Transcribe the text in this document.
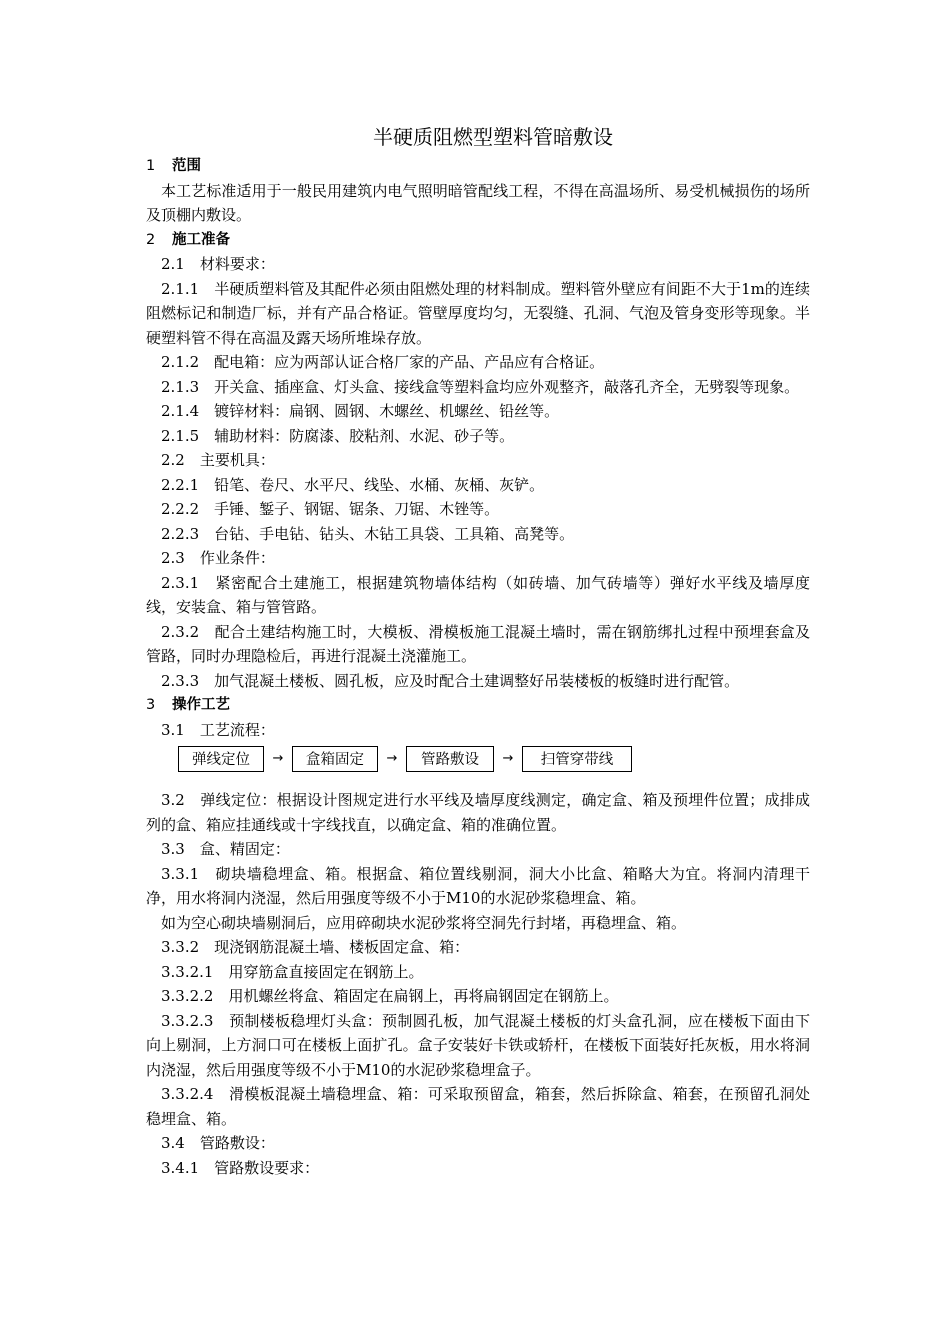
半硬质阻燃型塑料管暗敷设
1 范围
本工艺标准适用于一般民用建筑内电气照明暗管配线工程，不得在高温场所、易受机械损伤的场所及顶棚内敷设。
2 施工准备
2.1　材料要求：
2.1.1　半硬质塑料管及其配件必须由阻燃处理的材料制成。塑料管外壁应有间距不大于1m的连续阻燃标记和制造厂标，并有产品合格证。管壁厚度均匀，无裂缝、孔洞、气泡及管身变形等现象。半硬塑料管不得在高温及露天场所堆垛存放。
2.1.2　配电箱：应为两部认证合格厂家的产品、产品应有合格证。
2.1.3　开关盒、插座盒、灯头盒、接线盒等塑料盒均应外观整齐，敲落孔齐全，无劈裂等现象。
2.1.4　镀锌材料：扁钢、圆钢、木螺丝、机螺丝、铅丝等。
2.1.5　辅助材料：防腐漆、胶粘剂、水泥、砂子等。
2.2　主要机具：
2.2.1　铅笔、卷尺、水平尺、线坠、水桶、灰桶、灰铲。
2.2.2　手锤、錾子、钢锯、锯条、刀锯、木锉等。
2.2.3　台钻、手电钻、钻头、木钻工具袋、工具箱、高凳等。
2.3　作业条件：
2.3.1　紧密配合土建施工，根据建筑物墙体结构（如砖墙、加气砖墙等）弹好水平线及墙厚度线，安装盒、箱与管管路。
2.3.2　配合土建结构施工时，大模板、滑模板施工混凝土墙时，需在钢筋绑扎过程中预埋套盒及管路，同时办理隐检后，再进行混凝土浇灌施工。
2.3.3　加气混凝土楼板、圆孔板，应及时配合土建调整好吊装楼板的板缝时进行配管。
3 操作工艺
3.1　工艺流程：
弹线定位	→	盒箱固定	→	管路敷设	→	扫管穿带线
3.2　弹线定位：根据设计图规定进行水平线及墙厚度线测定，确定盒、箱及预埋件位置；成排成列的盒、箱应挂通线或十字线找直，以确定盒、箱的准确位置。
3.3　盒、精固定：
3.3.1　砌块墙稳埋盒、箱。根据盒、箱位置线剔洞，洞大小比盒、箱略大为宜。将洞内清理干净，用水将洞内浇湿，然后用强度等级不小于M10的水泥砂浆稳埋盒、箱。
如为空心砌块墙剔洞后，应用碎砌块水泥砂浆将空洞先行封堵，再稳埋盒、箱。
3.3.2　现浇钢筋混凝土墙、楼板固定盒、箱：
3.3.2.1　用穿筋盒直接固定在钢筋上。
3.3.2.2　用机螺丝将盒、箱固定在扁钢上，再将扁钢固定在钢筋上。
3.3.2.3　预制楼板稳埋灯头盒：预制圆孔板，加气混凝土楼板的灯头盒孔洞，应在楼板下面由下向上剔洞，上方洞口可在楼板上面扩孔。盒子安装好卡铁或轿杆，在楼板下面装好托灰板，用水将洞内浇湿，然后用强度等级不小于M10的水泥砂浆稳埋盒子。
3.3.2.4　滑模板混凝土墙稳埋盒、箱：可采取预留盒，箱套，然后拆除盒、箱套，在预留孔洞处稳埋盒、箱。
3.4　管路敷设：
3.4.1　管路敷设要求：
